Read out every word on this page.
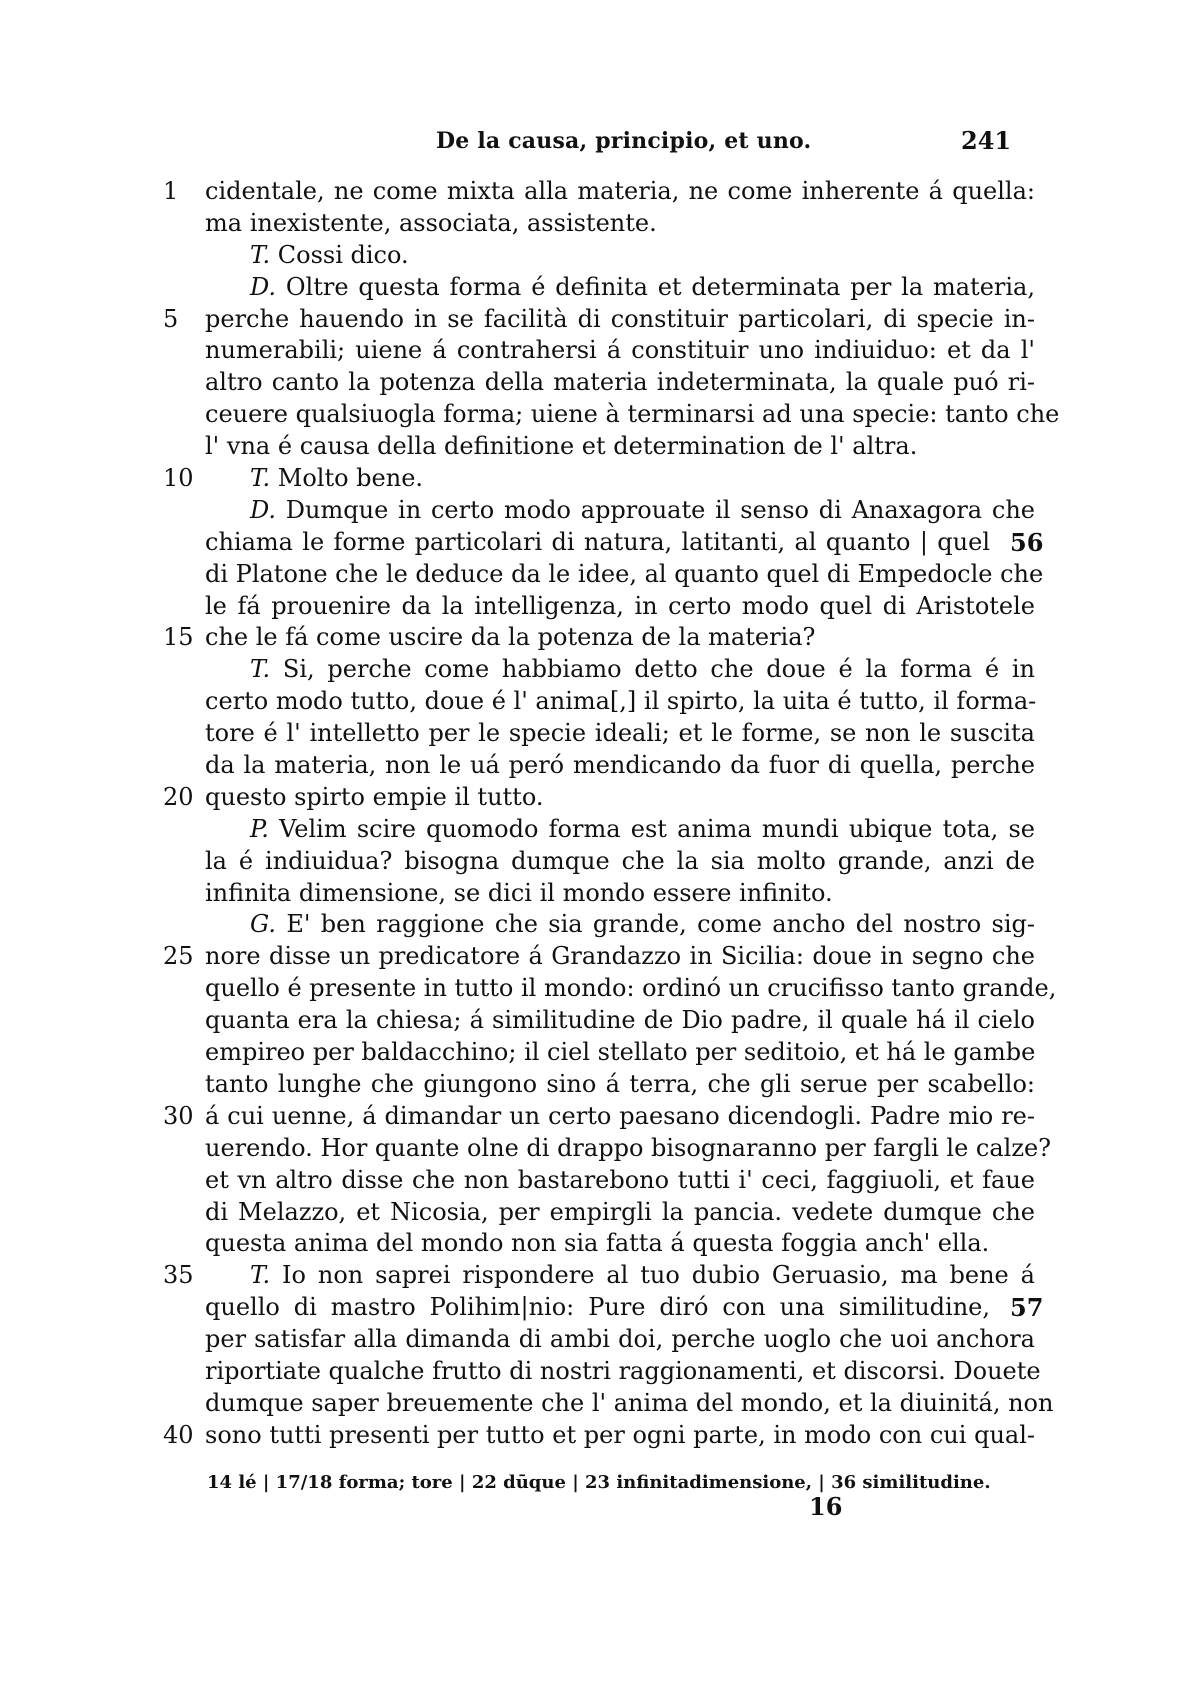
De la causa, principio, et uno.	241
1	cidentale, ne come mixta alla materia, ne come inherente á quella:
ma inexistente, associata, assistente.
T. Cossi dico.
D. Oltre questa forma é definita et determinata per la materia,
5	perche hauendo in se facilità di constituir particolari, di specie in-
numerabili; uiene á contrahersi á constituir uno indiuiduo: et da l'
altro canto la potenza della materia indeterminata, la quale puó ri-
ceuere qualsiuogla forma; uiene à terminarsi ad una specie: tanto che
l' vna é causa della definitione et determination de l' altra.
10 T. Molto bene.
D. Dumque in certo modo approuate il senso di Anaxagora che
chiama le forme particolari di natura, latitanti, al quanto | quel 56
di Platone che le deduce da le idee, al quanto quel di Empedocle che
le fá prouenire da la intelligenza, in certo modo quel di Aristotele
15 che le fá come uscire da la potenza de la materia?
T. Si, perche come habbiamo detto che doue é la forma é in
certo modo tutto, doue é l' anima[,] il spirto, la uita é tutto, il forma-
tore é l' intelletto per le specie ideali; et le forme, se non le suscita
da la materia, non le uá peró mendicando da fuor di quella, perche
20 questo spirto empie il tutto.
P. Velim scire quomodo forma est anima mundi ubique tota, se
la é indiuidua? bisogna dumque che la sia molto grande, anzi de
infinita dimensione, se dici il mondo essere infinito.
G. E' ben raggione che sia grande, come ancho del nostro sig-
25 nore disse un predicatore á Grandazzo in Sicilia: doue in segno che
quello é presente in tutto il mondo: ordinó un crucifisso tanto grande,
quanta era la chiesa; á similitudine de Dio padre, il quale há il cielo
empireo per baldacchino; il ciel stellato per seditoio, et há le gambe
tanto lunghe che giungono sino á terra, che gli serue per scabello:
30 á cui uenne, á dimandar un certo paesano dicendogli. Padre mio re-
uerendo. Hor quante olne di drappo bisognaranno per fargli le calze?
et vn altro disse che non bastarebono tutti i' ceci, faggiuoli, et faue
di Melazzo, et Nicosia, per empirgli la pancia. vedete dumque che
questa anima del mondo non sia fatta á questa foggia anch' ella.
35 T. Io non saprei rispondere al tuo dubio Geruasio, ma bene á
quello di mastro Polihim|nio: Pure diró con una similitudine, 57
per satisfar alla dimanda di ambi doi, perche uoglo che uoi anchora
riportiate qualche frutto di nostri raggionamenti, et discorsi. Douete
dumque saper breuemente che l' anima del mondo, et la diuinitá, non
40 sono tutti presenti per tutto et per ogni parte, in modo con cui qual-
14 lé | 17/18 forma; tore | 22 dūque | 23 infinitadimensione, | 36 similitudine.
16
